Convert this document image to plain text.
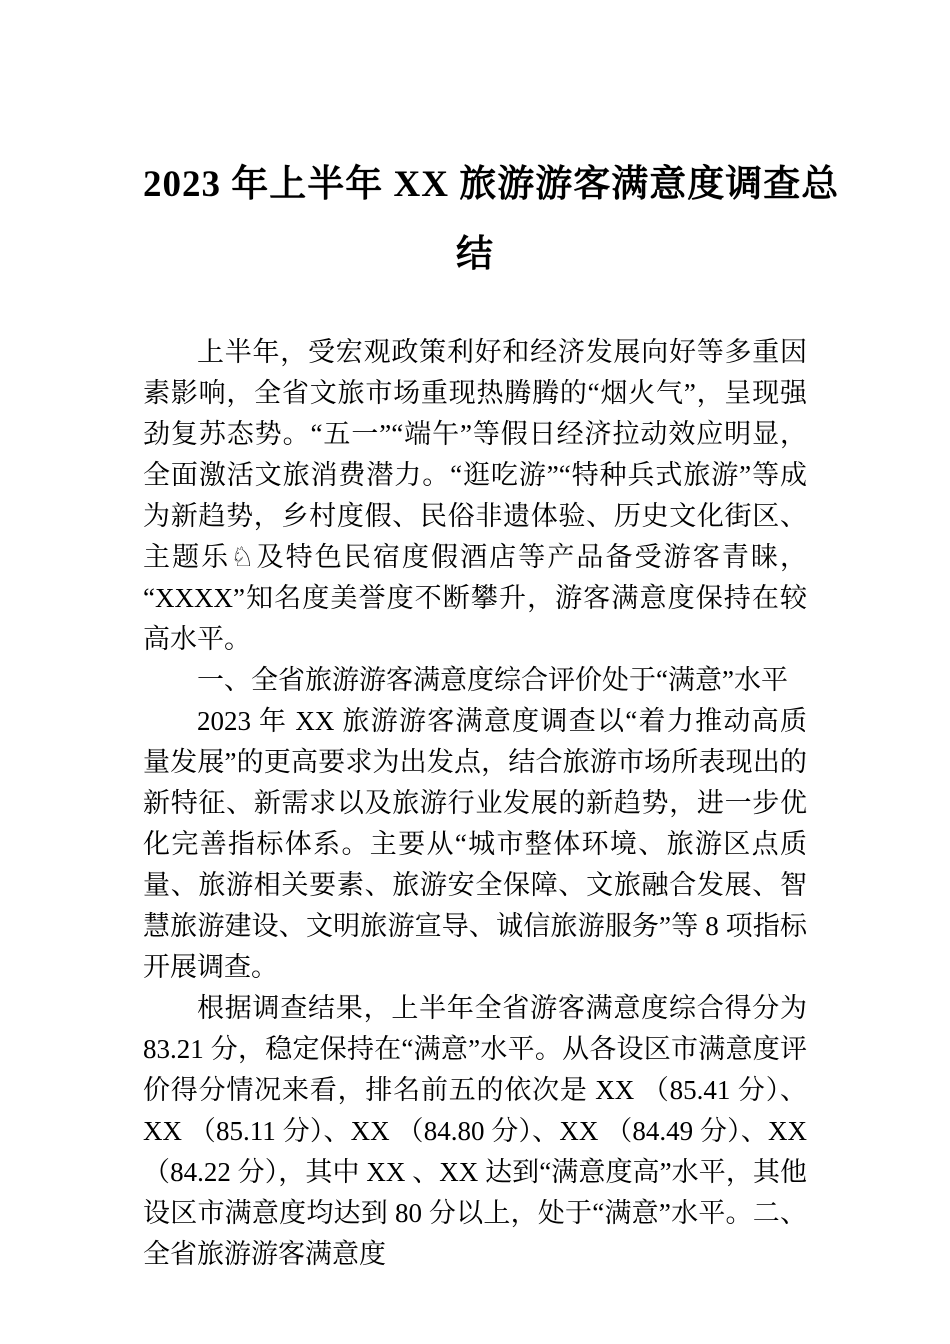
2023 年上半年 XX 旅游游客满意度调查总
结

上半年，受宏观政策利好和经济发展向好等多重因素影响，全省文旅市场重现热腾腾的“烟火气”，呈现强劲复苏态势。“五一”“端午”等假日经济拉动效应明显，全面激活文旅消费潜力。“逛吃游”“特种兵式旅游”等成为新趋势，乡村度假、民俗非遗体验、历史文化街区、主题乐♘及特色民宿度假酒店等产品备受游客青睐，“XXXX”知名度美誉度不断攀升，游客满意度保持在较高水平。

一、全省旅游游客满意度综合评价处于“满意”水平

2023 年 XX 旅游游客满意度调查以“着力推动高质量发展”的更高要求为出发点，结合旅游市场所表现出的新特征、新需求以及旅游行业发展的新趋势，进一步优化完善指标体系。主要从“城市整体环境、旅游区点质量、旅游相关要素、旅游安全保障、文旅融合发展、智慧旅游建设、文明旅游宣导、诚信旅游服务”等 8 项指标开展调查。

根据调查结果，上半年全省游客满意度综合得分为 83.21 分，稳定保持在“满意”水平。从各设区市满意度评价得分情况来看，排名前五的依次是 XX （85.41 分）、XX （85.11 分）、XX （84.80 分）、XX （84.49 分）、XX （84.22 分），其中 XX 、XX 达到“满意度高”水平，其他设区市满意度均达到 80 分以上，处于“满意”水平。二、全省旅游游客满意度
